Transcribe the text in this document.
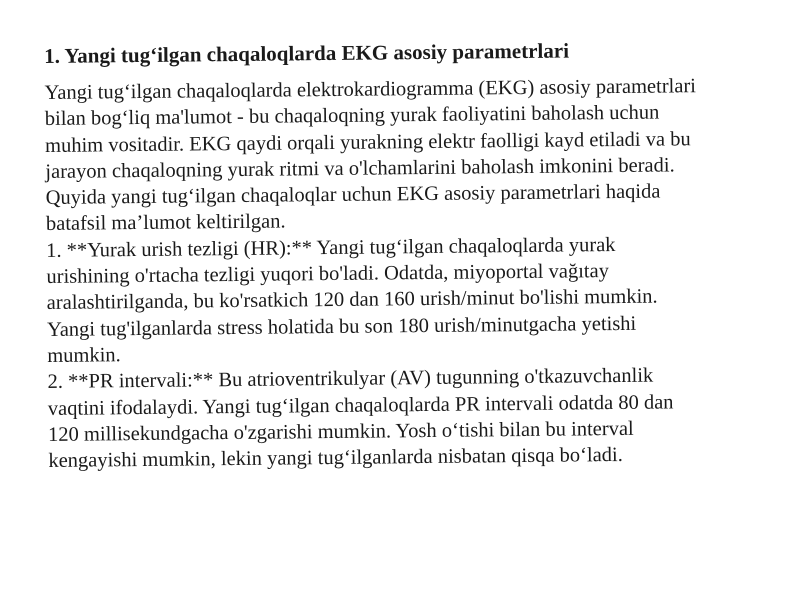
1. Yangi tug‘ilgan chaqaloqlarda EKG asosiy parametrlari

Yangi tug‘ilgan chaqaloqlarda elektrokardiogramma (EKG) asosiy parametrlari
bilan bog‘liq ma'lumot - bu chaqaloqning yurak faoliyatini baholash uchun
muhim vositadir. EKG qaydi orqali yurakning elektr faolligi kayd etiladi va bu
jarayon chaqaloqning yurak ritmi va o'lchamlarini baholash imkonini beradi.
Quyida yangi tug‘ilgan chaqaloqlar uchun EKG asosiy parametrlari haqida
batafsil ma’lumot keltirilgan.

1. **Yurak urish tezligi (HR):** Yangi tug‘ilgan chaqaloqlarda yurak
urishining o'rtacha tezligi yuqori bo'ladi. Odatda, miyoportal vağıtay
aralashtirilganda, bu ko'rsatkich 120 dan 160 urish/minut bo'lishi mumkin.
Yangi tug'ilganlarda stress holatida bu son 180 urish/minutgacha yetishi
mumkin.

2. **PR intervali:** Bu atrioventrikulyar (AV) tugunning o'tkazuvchanlik
vaqtini ifodalaydi. Yangi tug‘ilgan chaqaloqlarda PR intervali odatda 80 dan
120 millisekundgacha o'zgarishi mumkin. Yosh o‘tishi bilan bu interval
kengayishi mumkin, lekin yangi tug‘ilganlarda nisbatan qisqa bo‘ladi.
